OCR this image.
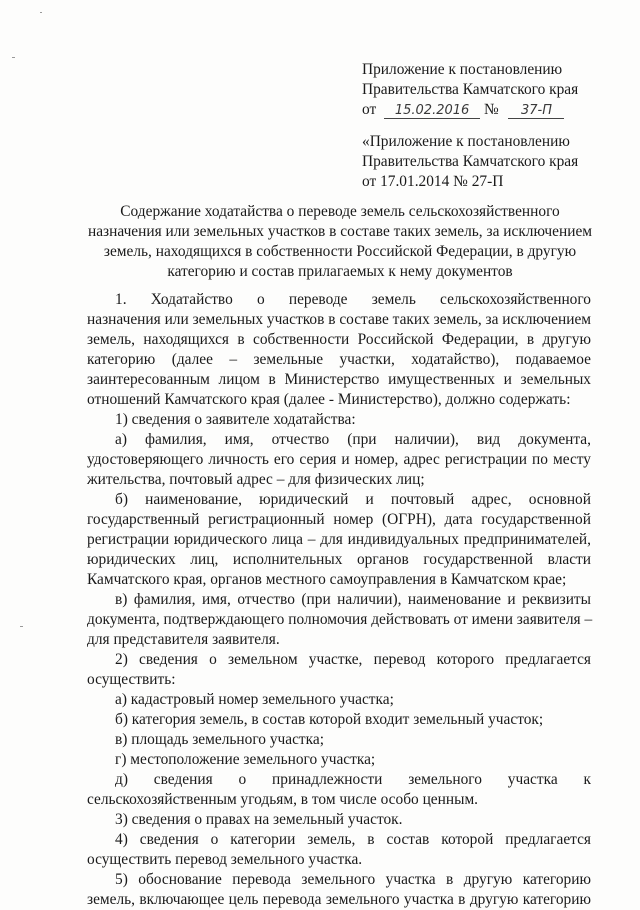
Приложение к постановлению
Правительства Камчатского края
от 15.02.2016 № 37-П
«Приложение к постановлению
Правительства Камчатского края
от 17.01.2014 № 27-П
Содержание ходатайства о переводе земель сельскохозяйственного
назначения или земельных участков в составе таких земель, за исключением
земель, находящихся в собственности Российской Федерации, в другую
категорию и состав прилагаемых к нему документов
1. Ходатайство о переводе земель сельскохозяйственного
назначения или земельных участков в составе таких земель, за исключением
земель, находящихся в собственности Российской Федерации, в другую
категорию (далее – земельные участки, ходатайство), подаваемое
заинтересованным лицом в Министерство имущественных и земельных
отношений Камчатского края (далее - Министерство), должно содержать:
1) сведения о заявителе ходатайства:
а) фамилия, имя, отчество (при наличии), вид документа,
удостоверяющего личность его серия и номер, адрес регистрации по месту
жительства, почтовый адрес – для физических лиц;
б) наименование, юридический и почтовый адрес, основной
государственный регистрационный номер (ОГРН), дата государственной
регистрации юридического лица – для индивидуальных предпринимателей,
юридических лиц, исполнительных органов государственной власти
Камчатского края, органов местного самоуправления в Камчатском крае;
в) фамилия, имя, отчество (при наличии), наименование и реквизиты
документа, подтверждающего полномочия действовать от имени заявителя –
для представителя заявителя.
2) сведения о земельном участке, перевод которого предлагается
осуществить:
а) кадастровый номер земельного участка;
б) категория земель, в состав которой входит земельный участок;
в) площадь земельного участка;
г) местоположение земельного участка;
д) сведения о принадлежности земельного участка к
сельскохозяйственным угодьям, в том числе особо ценным.
3) сведения о правах на земельный участок.
4) сведения о категории земель, в состав которой предлагается
осуществить перевод земельного участка.
5) обоснование перевода земельного участка в другую категорию
земель, включающее цель перевода земельного участка в другую категорию
